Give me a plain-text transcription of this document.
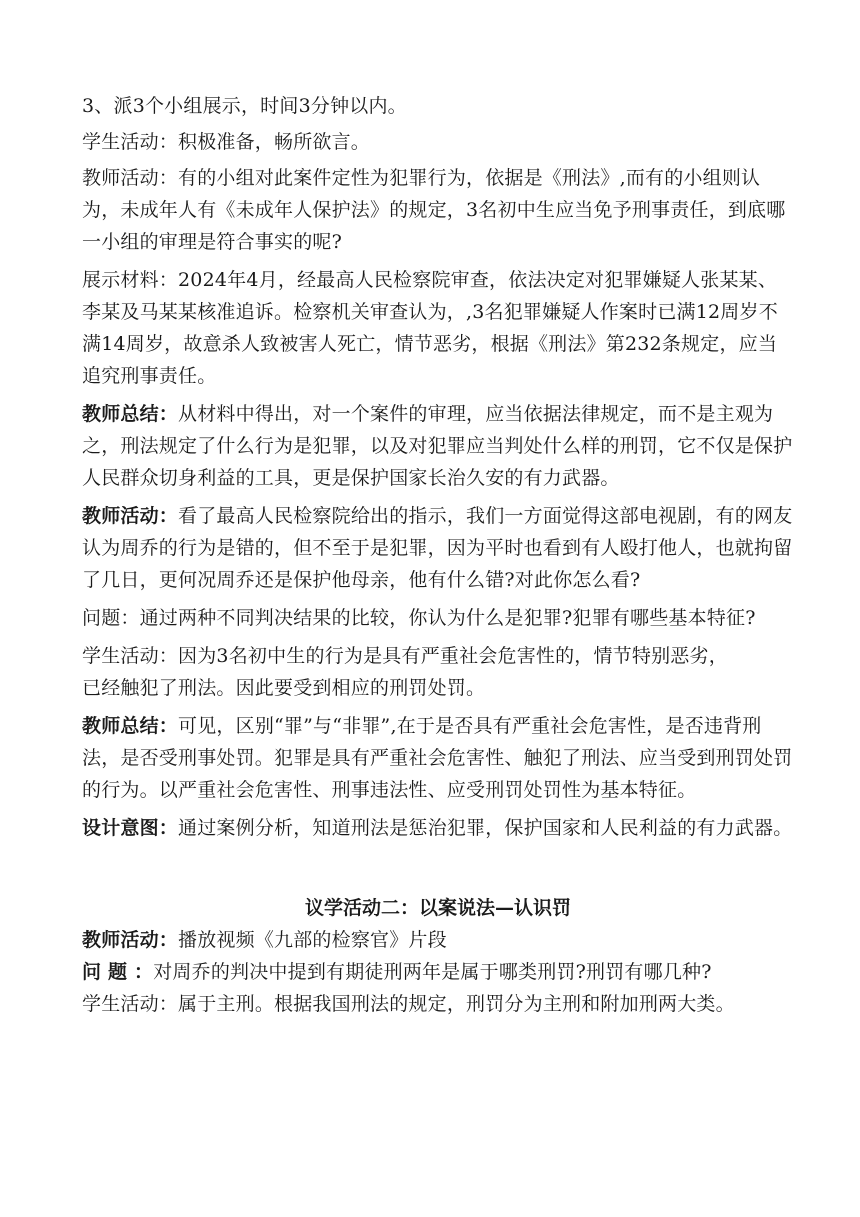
3、派3个小组展示，时间3分钟以内。

学生活动：积极准备，畅所欲言。

教师活动：有的小组对此案件定性为犯罪行为，依据是《刑法》,而有的小组则认为，未成年人有《未成年人保护法》的规定，3名初中生应当免予刑事责任，到底哪一小组的审理是符合事实的呢?

展示材料：2024年4月，经最高人民检察院审查，依法决定对犯罪嫌疑人张某某、李某及马某某核准追诉。检察机关审查认为，,3名犯罪嫌疑人作案时已满12周岁不满14周岁，故意杀人致被害人死亡，情节恶劣，根据《刑法》第232条规定，应当追究刑事责任。

教师总结：从材料中得出，对一个案件的审理，应当依据法律规定，而不是主观为之，刑法规定了什么行为是犯罪，以及对犯罪应当判处什么样的刑罚，它不仅是保护人民群众切身利益的工具，更是保护国家长治久安的有力武器。

教师活动：看了最高人民检察院给出的指示，我们一方面觉得这部电视剧，有的网友认为周乔的行为是错的，但不至于是犯罪，因为平时也看到有人殴打他人，也就拘留了几日，更何况周乔还是保护他母亲，他有什么错?对此你怎么看?

问题：通过两种不同判决结果的比较，你认为什么是犯罪?犯罪有哪些基本特征?

学生活动：因为3名初中生的行为是具有严重社会危害性的，情节特别恶劣，
已经触犯了刑法。因此要受到相应的刑罚处罚。

教师总结：可见，区别“罪”与“非罪”,在于是否具有严重社会危害性，是否违背刑法，是否受刑事处罚。犯罪是具有严重社会危害性、触犯了刑法、应当受到刑罚处罚的行为。以严重社会危害性、刑事违法性、应受刑罚处罚性为基本特征。

设计意图：通过案例分析，知道刑法是惩治犯罪，保护国家和人民利益的有力武器。

议学活动二：以案说法—认识罚

教师活动：播放视频《九部的检察官》片段

问 题 ：对周乔的判决中提到有期徒刑两年是属于哪类刑罚?刑罚有哪几种?

学生活动：属于主刑。根据我国刑法的规定，刑罚分为主刑和附加刑两大类。
